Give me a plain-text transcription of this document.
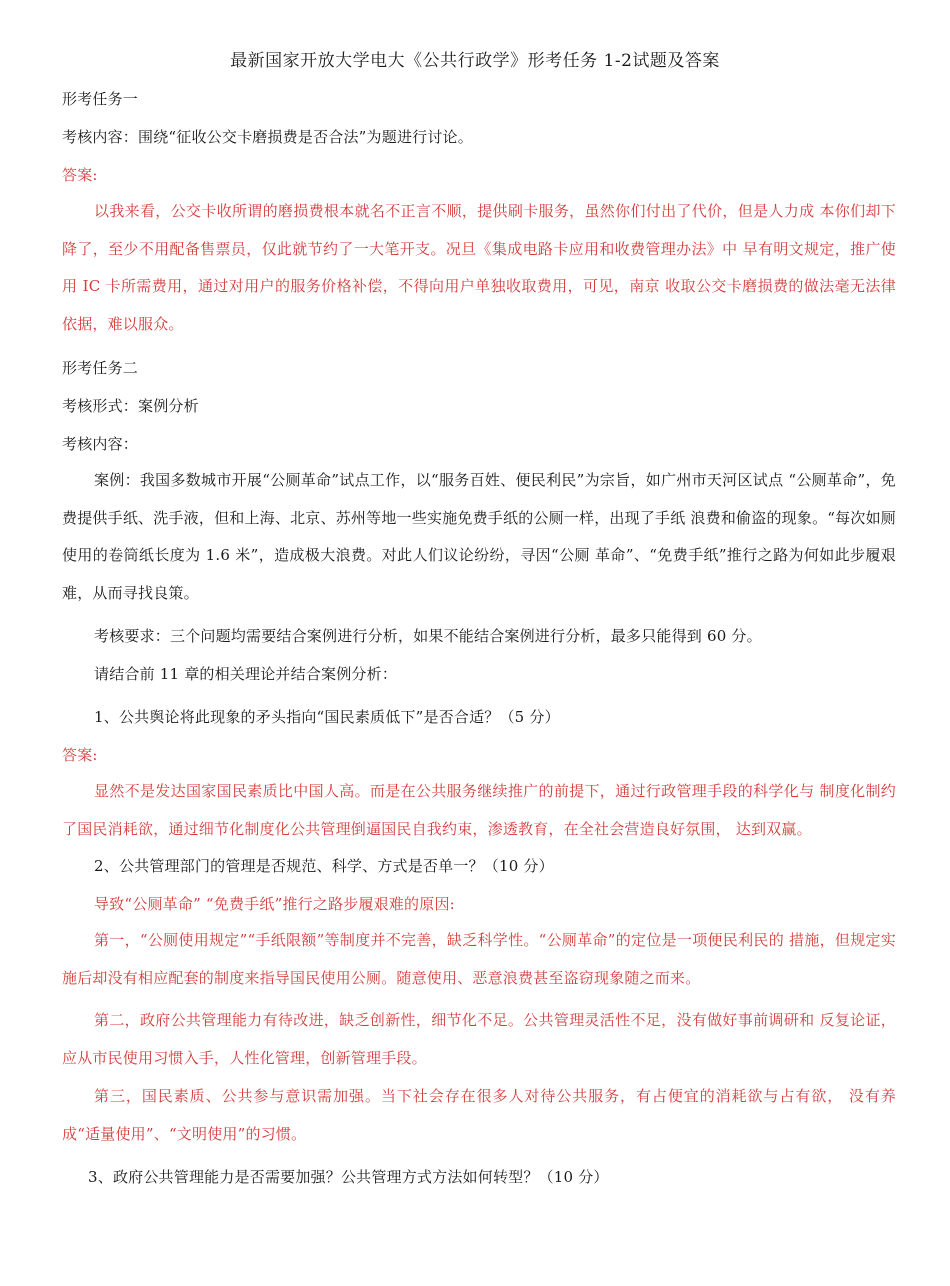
最新国家开放大学电大《公共行政学》形考任务 1-2试题及答案
形考任务一
考核内容：围绕“征收公交卡磨损费是否合法”为题进行讨论。
答案:
以我来看，公交卡收所谓的磨损费根本就名不正言不顺，提供刷卡服务，虽然你们付出了代价，但是人力成 本你们却下降了，至少不用配备售票员，仅此就节约了一大笔开支。况旦《集成电路卡应用和收费管理办法》中 早有明文规定，推广使用 IC 卡所需费用，通过对用户的服务价格补偿，不得向用户单独收取费用，可见，南京 收取公交卡磨损费的做法毫无法律依据，难以服众。
形考任务二
考核形式：案例分析
考核内容：
案例：我国多数城市开展“公厕革命”试点工作，以“服务百姓、便民利民”为宗旨，如广州市天河区试点 “公厕革命”，免费提供手纸、洗手液，但和上海、北京、苏州等地一些实施免费手纸的公厕一样，出现了手纸 浪费和偷盗的现象。“每次如厕使用的卷筒纸长度为 1.6 米”，造成极大浪费。对此人们议论纷纷，寻因“公厕 革命”、“免费手纸”推行之路为何如此步履艰难，从而寻找良策。
考核要求：三个问题均需要结合案例进行分析，如果不能结合案例进行分析，最多只能得到 60 分。
请结合前 11 章的相关理论并结合案例分析：
1、公共舆论将此现象的矛头指向“国民素质低下”是否合适？（5 分）
答案:
显然不是发达国家国民素质比中国人高。而是在公共服务继续推广的前提下，通过行政管理手段的科学化与 制度化制约了国民消耗欲，通过细节化制度化公共管理倒逼国民自我约束，渗透教育，在全社会营造良好氛围， 达到双赢。
2、公共管理部门的管理是否规范、科学、方式是否单一？（10 分）
导致“公厕革命” “免费手纸”推行之路步履艰难的原因:
第一，“公厕使用规定”“手纸限额”等制度并不完善，缺乏科学性。“公厕革命”的定位是一项便民利民的 措施，但规定实施后却没有相应配套的制度来指导国民使用公厕。随意使用、恶意浪费甚至盗窃现象随之而来。
第二，政府公共管理能力有待改进，缺乏创新性，细节化不足。公共管理灵活性不足，没有做好事前调研和 反复论证，应从市民使用习惯入手，人性化管理，创新管理手段。
第三，国民素质、公共参与意识需加强。当下社会存在很多人对待公共服务，有占便宜的消耗欲与占有欲， 没有养成“适量使用”、“文明使用”的习惯。
3、政府公共管理能力是否需要加强？公共管理方式方法如何转型？（10 分）
